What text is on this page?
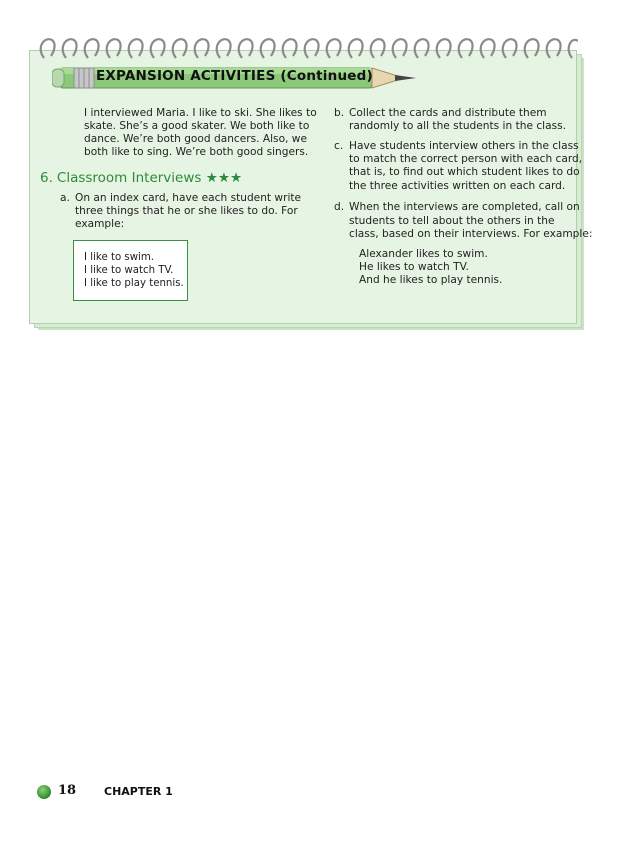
EXPANSION ACTIVITIES (Continued)
I interviewed Maria. I like to ski. She likes to
skate. She’s a good skater. We both like to
dance. We’re both good dancers. Also, we
both like to sing. We’re both good singers.
6. Classroom Interviews ★★★
a. On an index card, have each student write
three things that he or she likes to do. For
example:
I like to swim.
I like to watch TV.
I like to play tennis.
b. Collect the cards and distribute them
randomly to all the students in the class.
c. Have students interview others in the class
to match the correct person with each card,
that is, to find out which student likes to do
the three activities written on each card.
d. When the interviews are completed, call on
students to tell about the others in the
class, based on their interviews. For example:
Alexander likes to swim.
He likes to watch TV.
And he likes to play tennis.
18	CHAPTER 1
